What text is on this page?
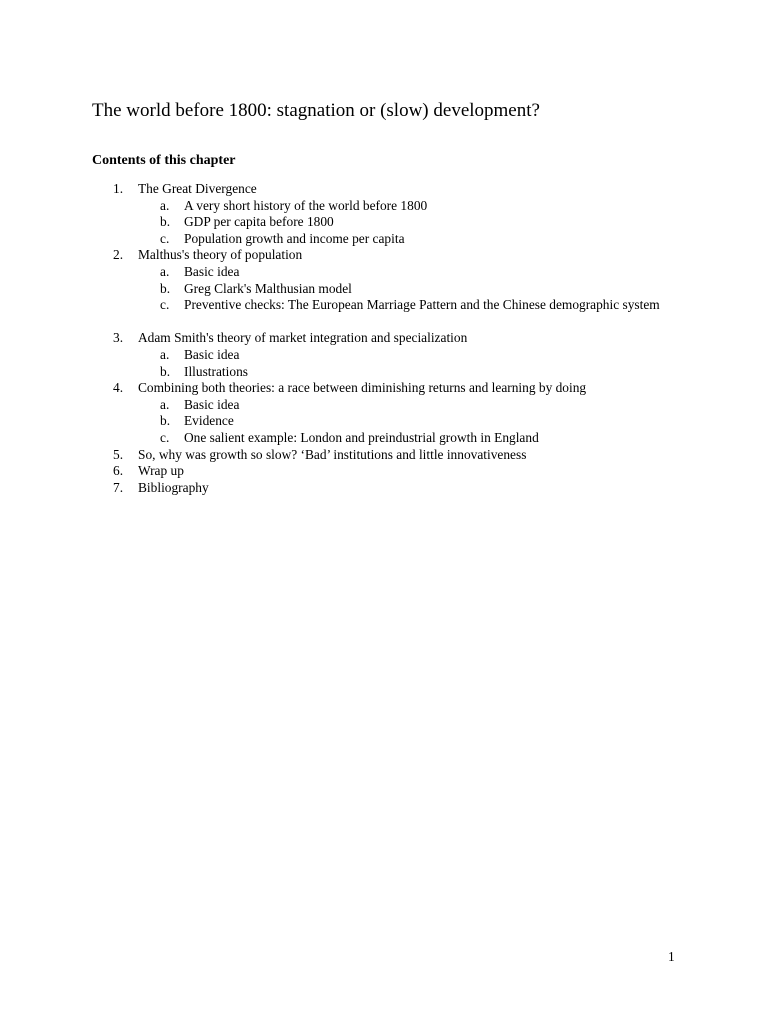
The world before 1800: stagnation or (slow) development?
Contents of this chapter
1.	The Great Divergence
a.	A very short history of the world before 1800
b.	GDP per capita before 1800
c.	Population growth and income per capita
2.	Malthus's theory of population
a.	Basic idea
b.	Greg Clark's Malthusian model
c.	Preventive checks: The European Marriage Pattern and the Chinese demographic system
3.	Adam Smith's theory of market integration and specialization
a.	Basic idea
b.	Illustrations
4.	Combining both theories: a race between diminishing returns and learning by doing
a.	Basic idea
b.	Evidence
c.	One salient example: London and preindustrial growth in England
5.	So, why was growth so slow? ‘Bad’ institutions and little innovativeness
6.	Wrap up
7.	Bibliography
1
